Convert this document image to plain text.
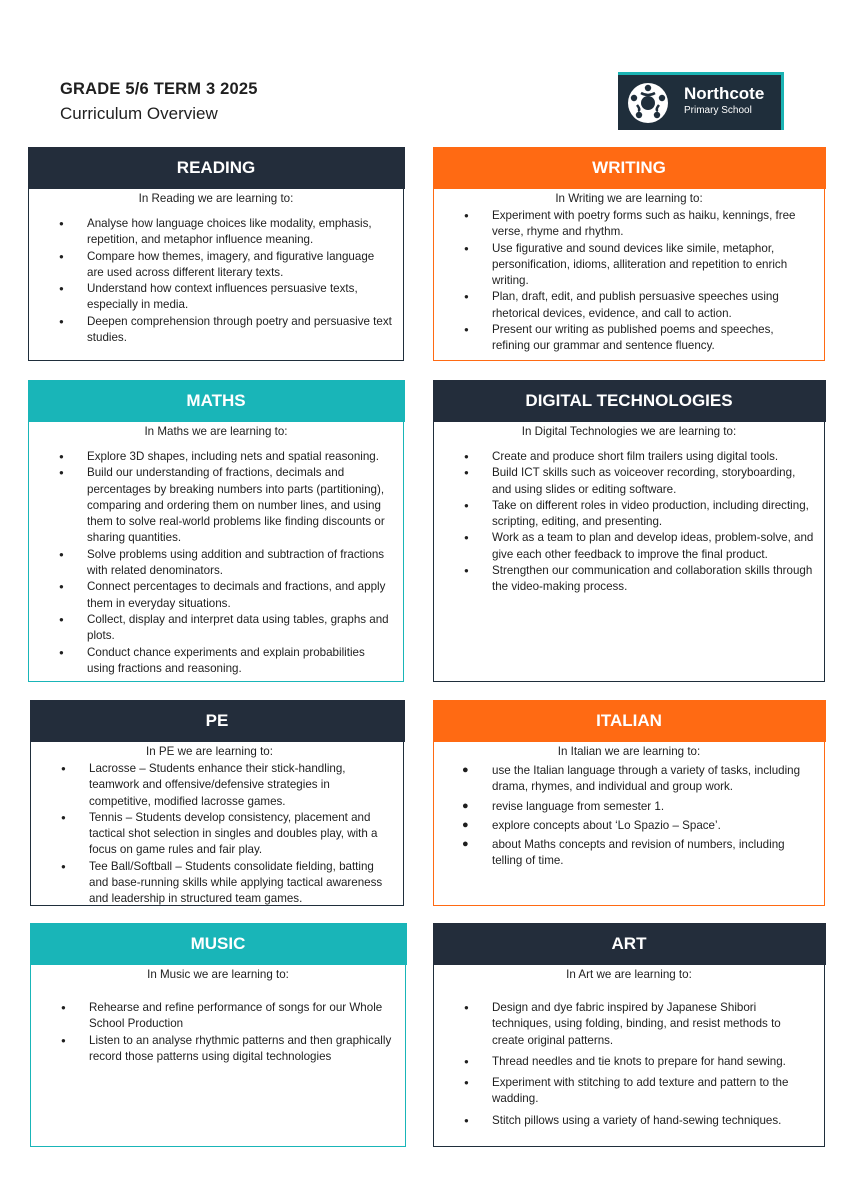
GRADE 5/6 TERM 3 2025
Curriculum Overview
Northcote
Primary School
READING
In Reading we are learning to:
● Analyse how language choices like modality, emphasis, repetition, and metaphor influence meaning.
● Compare how themes, imagery, and figurative language are used across different literary texts.
● Understand how context influences persuasive texts, especially in media.
● Deepen comprehension through poetry and persuasive text studies.
WRITING
In Writing we are learning to:
● Experiment with poetry forms such as haiku, kennings, free verse, rhyme and rhythm.
● Use figurative and sound devices like simile, metaphor, personification, idioms, alliteration and repetition to enrich writing.
● Plan, draft, edit, and publish persuasive speeches using rhetorical devices, evidence, and call to action.
● Present our writing as published poems and speeches, refining our grammar and sentence fluency.
MATHS
In Maths we are learning to:
● Explore 3D shapes, including nets and spatial reasoning.
● Build our understanding of fractions, decimals and percentages by breaking numbers into parts (partitioning), comparing and ordering them on number lines, and using them to solve real-world problems like finding discounts or sharing quantities.
● Solve problems using addition and subtraction of fractions with related denominators.
● Connect percentages to decimals and fractions, and apply them in everyday situations.
● Collect, display and interpret data using tables, graphs and plots.
● Conduct chance experiments and explain probabilities using fractions and reasoning.
DIGITAL TECHNOLOGIES
In Digital Technologies we are learning to:
● Create and produce short film trailers using digital tools.
● Build ICT skills such as voiceover recording, storyboarding, and using slides or editing software.
● Take on different roles in video production, including directing, scripting, editing, and presenting.
● Work as a team to plan and develop ideas, problem-solve, and give each other feedback to improve the final product.
● Strengthen our communication and collaboration skills through the video-making process.
PE
In PE we are learning to:
● Lacrosse – Students enhance their stick-handling, teamwork and offensive/defensive strategies in competitive, modified lacrosse games.
● Tennis – Students develop consistency, placement and tactical shot selection in singles and doubles play, with a focus on game rules and fair play.
● Tee Ball/Softball – Students consolidate fielding, batting and base-running skills while applying tactical awareness and leadership in structured team games.
ITALIAN
In Italian we are learning to:
● use the Italian language through a variety of tasks, including drama, rhymes, and individual and group work.
● revise language from semester 1.
● explore concepts about ‘Lo Spazio – Space’.
● about Maths concepts and revision of numbers, including telling of time.
MUSIC
In Music we are learning to:
● Rehearse and refine performance of songs for our Whole School Production
● Listen to an analyse rhythmic patterns and then graphically record those patterns using digital technologies
ART
In Art we are learning to:
● Design and dye fabric inspired by Japanese Shibori techniques, using folding, binding, and resist methods to create original patterns.
● Thread needles and tie knots to prepare for hand sewing.
● Experiment with stitching to add texture and pattern to the wadding.
● Stitch pillows using a variety of hand-sewing techniques.
